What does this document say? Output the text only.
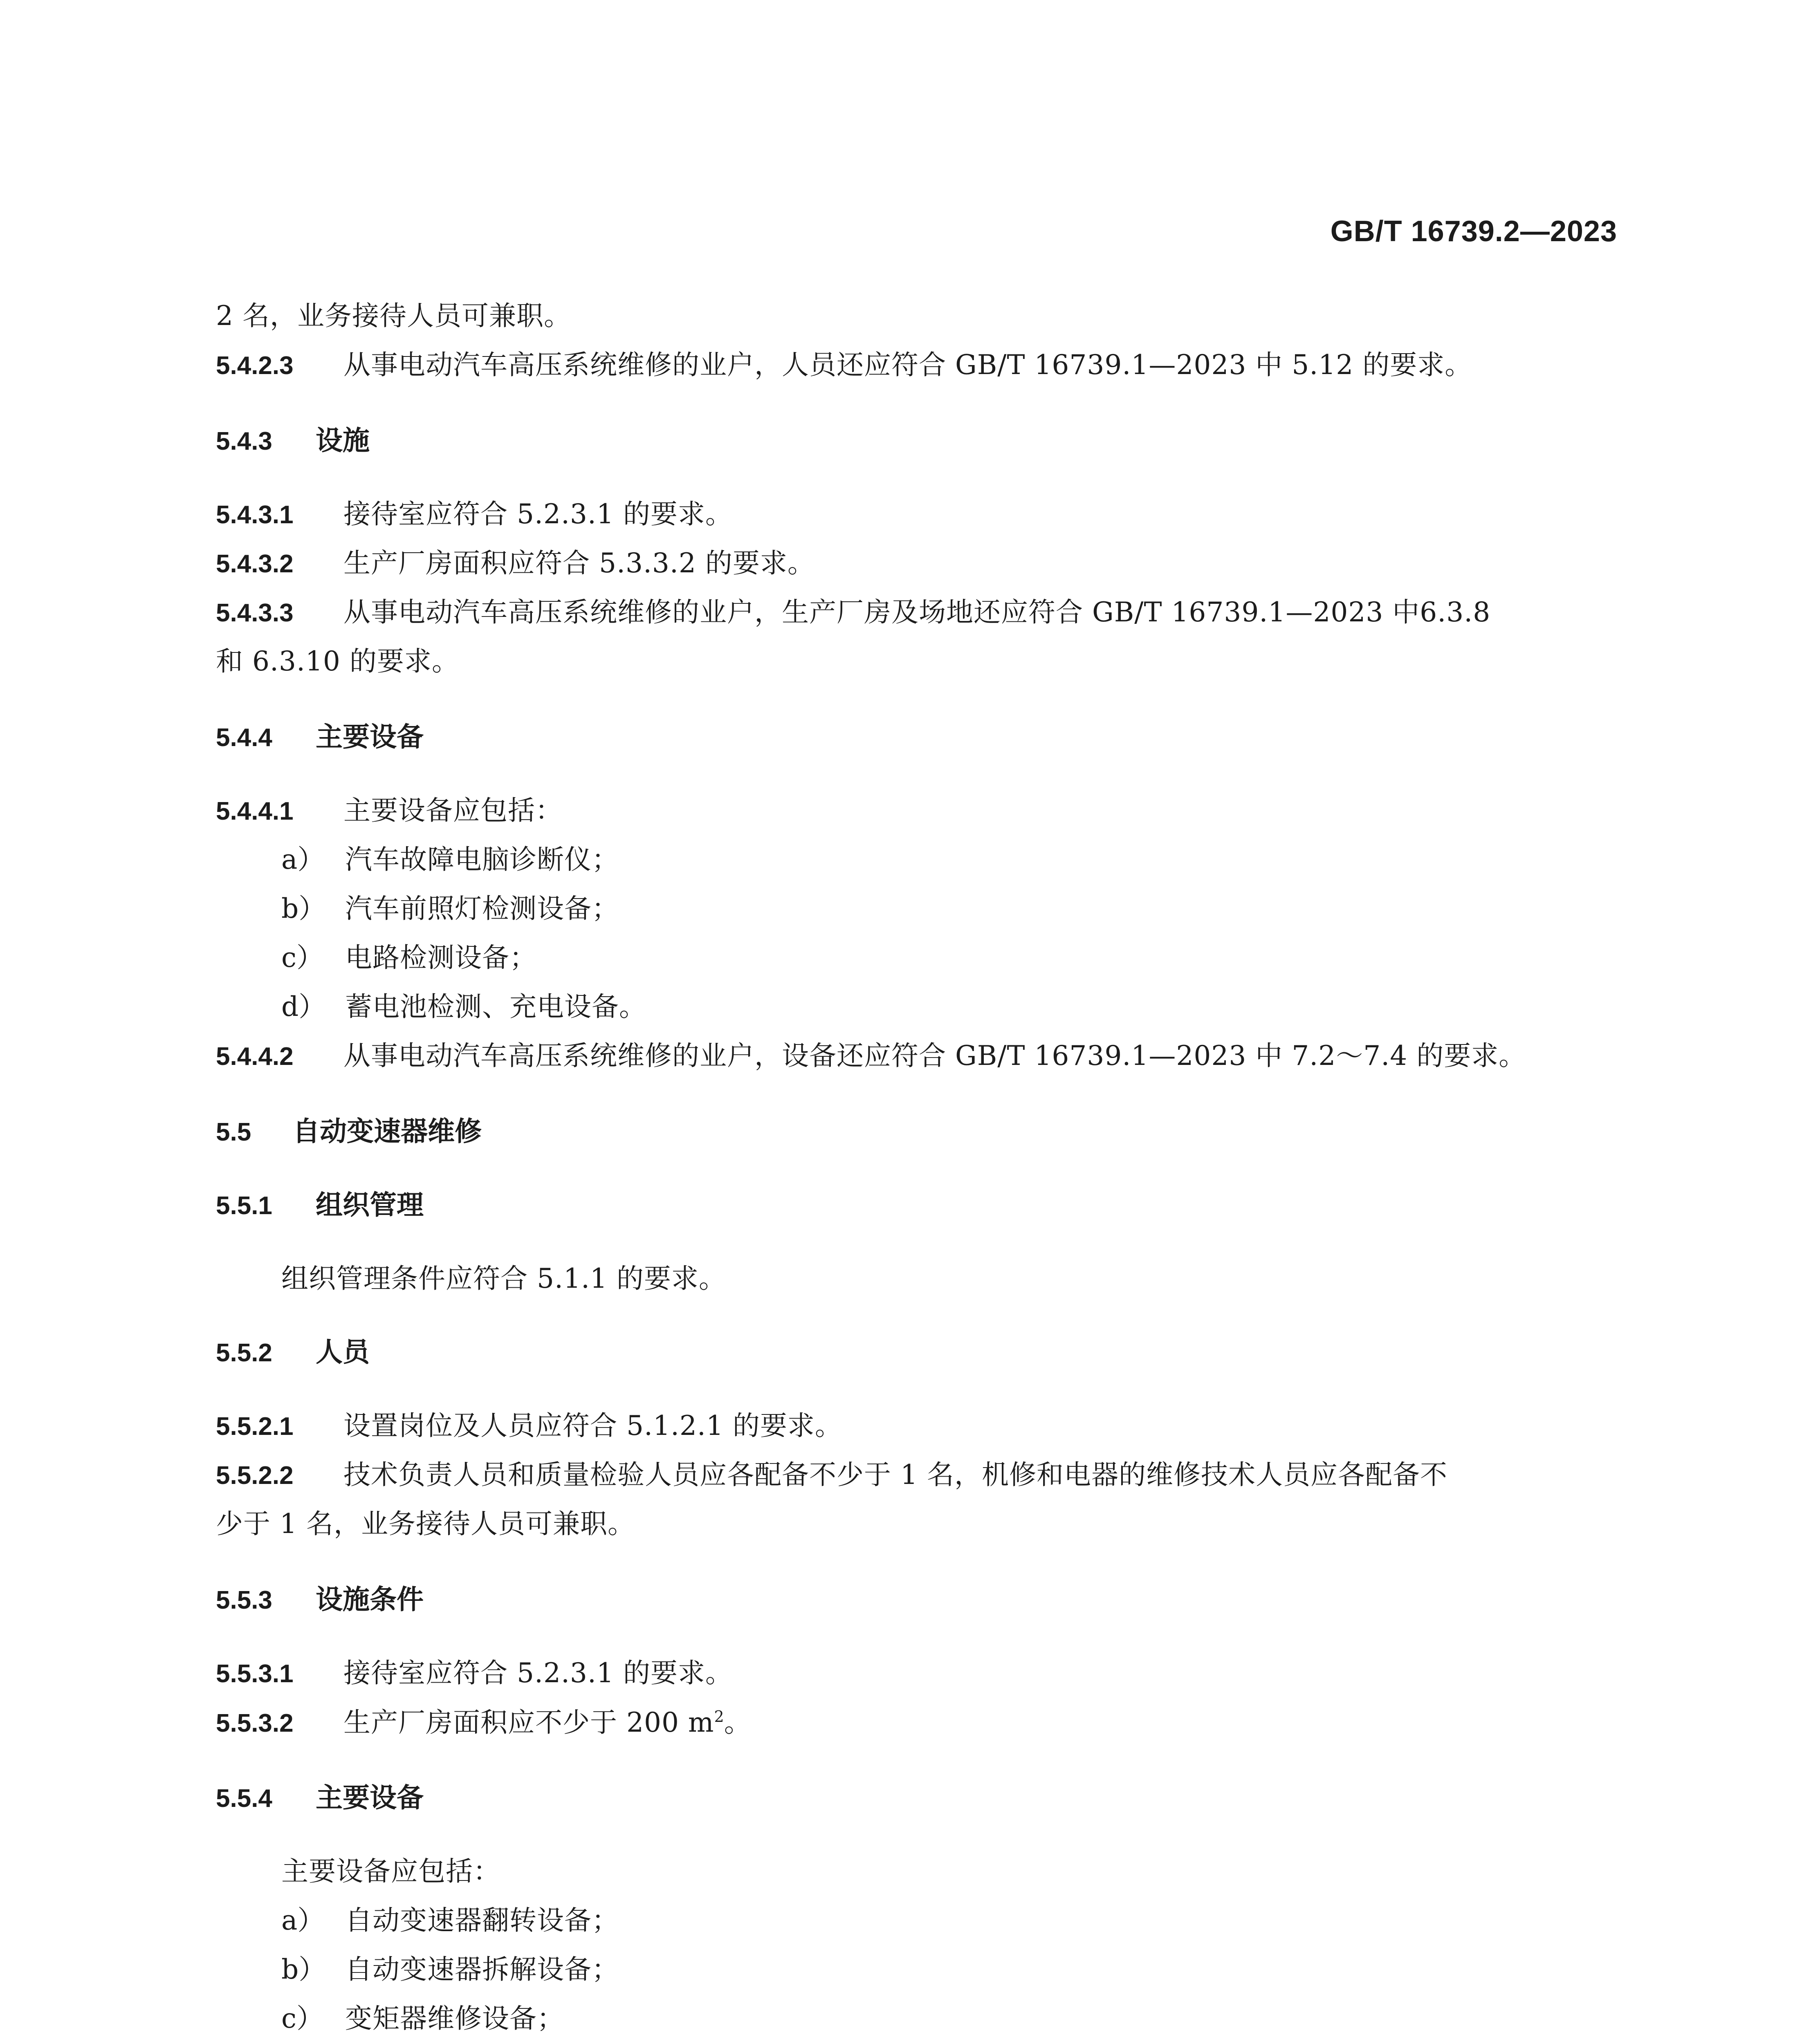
GB/T 16739.2—2023
2 名，业务接待人员可兼职。
5.4.2.3 从事电动汽车高压系统维修的业户，人员还应符合 GB/T 16739.1—2023 中 5.12 的要求。
5.4.3 设施
5.4.3.1 接待室应符合 5.2.3.1 的要求。
5.4.3.2 生产厂房面积应符合 5.3.3.2 的要求。
5.4.3.3 从事电动汽车高压系统维修的业户，生产厂房及场地还应符合 GB/T 16739.1—2023 中6.3.8
和 6.3.10 的要求。
5.4.4 主要设备
5.4.4.1 主要设备应包括：
a） 汽车故障电脑诊断仪；
b） 汽车前照灯检测设备；
c） 电路检测设备；
d） 蓄电池检测、充电设备。
5.4.4.2 从事电动汽车高压系统维修的业户，设备还应符合 GB/T 16739.1—2023 中 7.2～7.4 的要求。
5.5 自动变速器维修
5.5.1 组织管理
组织管理条件应符合 5.1.1 的要求。
5.5.2 人员
5.5.2.1 设置岗位及人员应符合 5.1.2.1 的要求。
5.5.2.2 技术负责人员和质量检验人员应各配备不少于 1 名，机修和电器的维修技术人员应各配备不
少于 1 名，业务接待人员可兼职。
5.5.3 设施条件
5.5.3.1 接待室应符合 5.2.3.1 的要求。
5.5.3.2 生产厂房面积应不少于 200 $m^2$。
5.5.4 主要设备
主要设备应包括：
a） 自动变速器翻转设备；
b） 自动变速器拆解设备；
c） 变矩器维修设备；
